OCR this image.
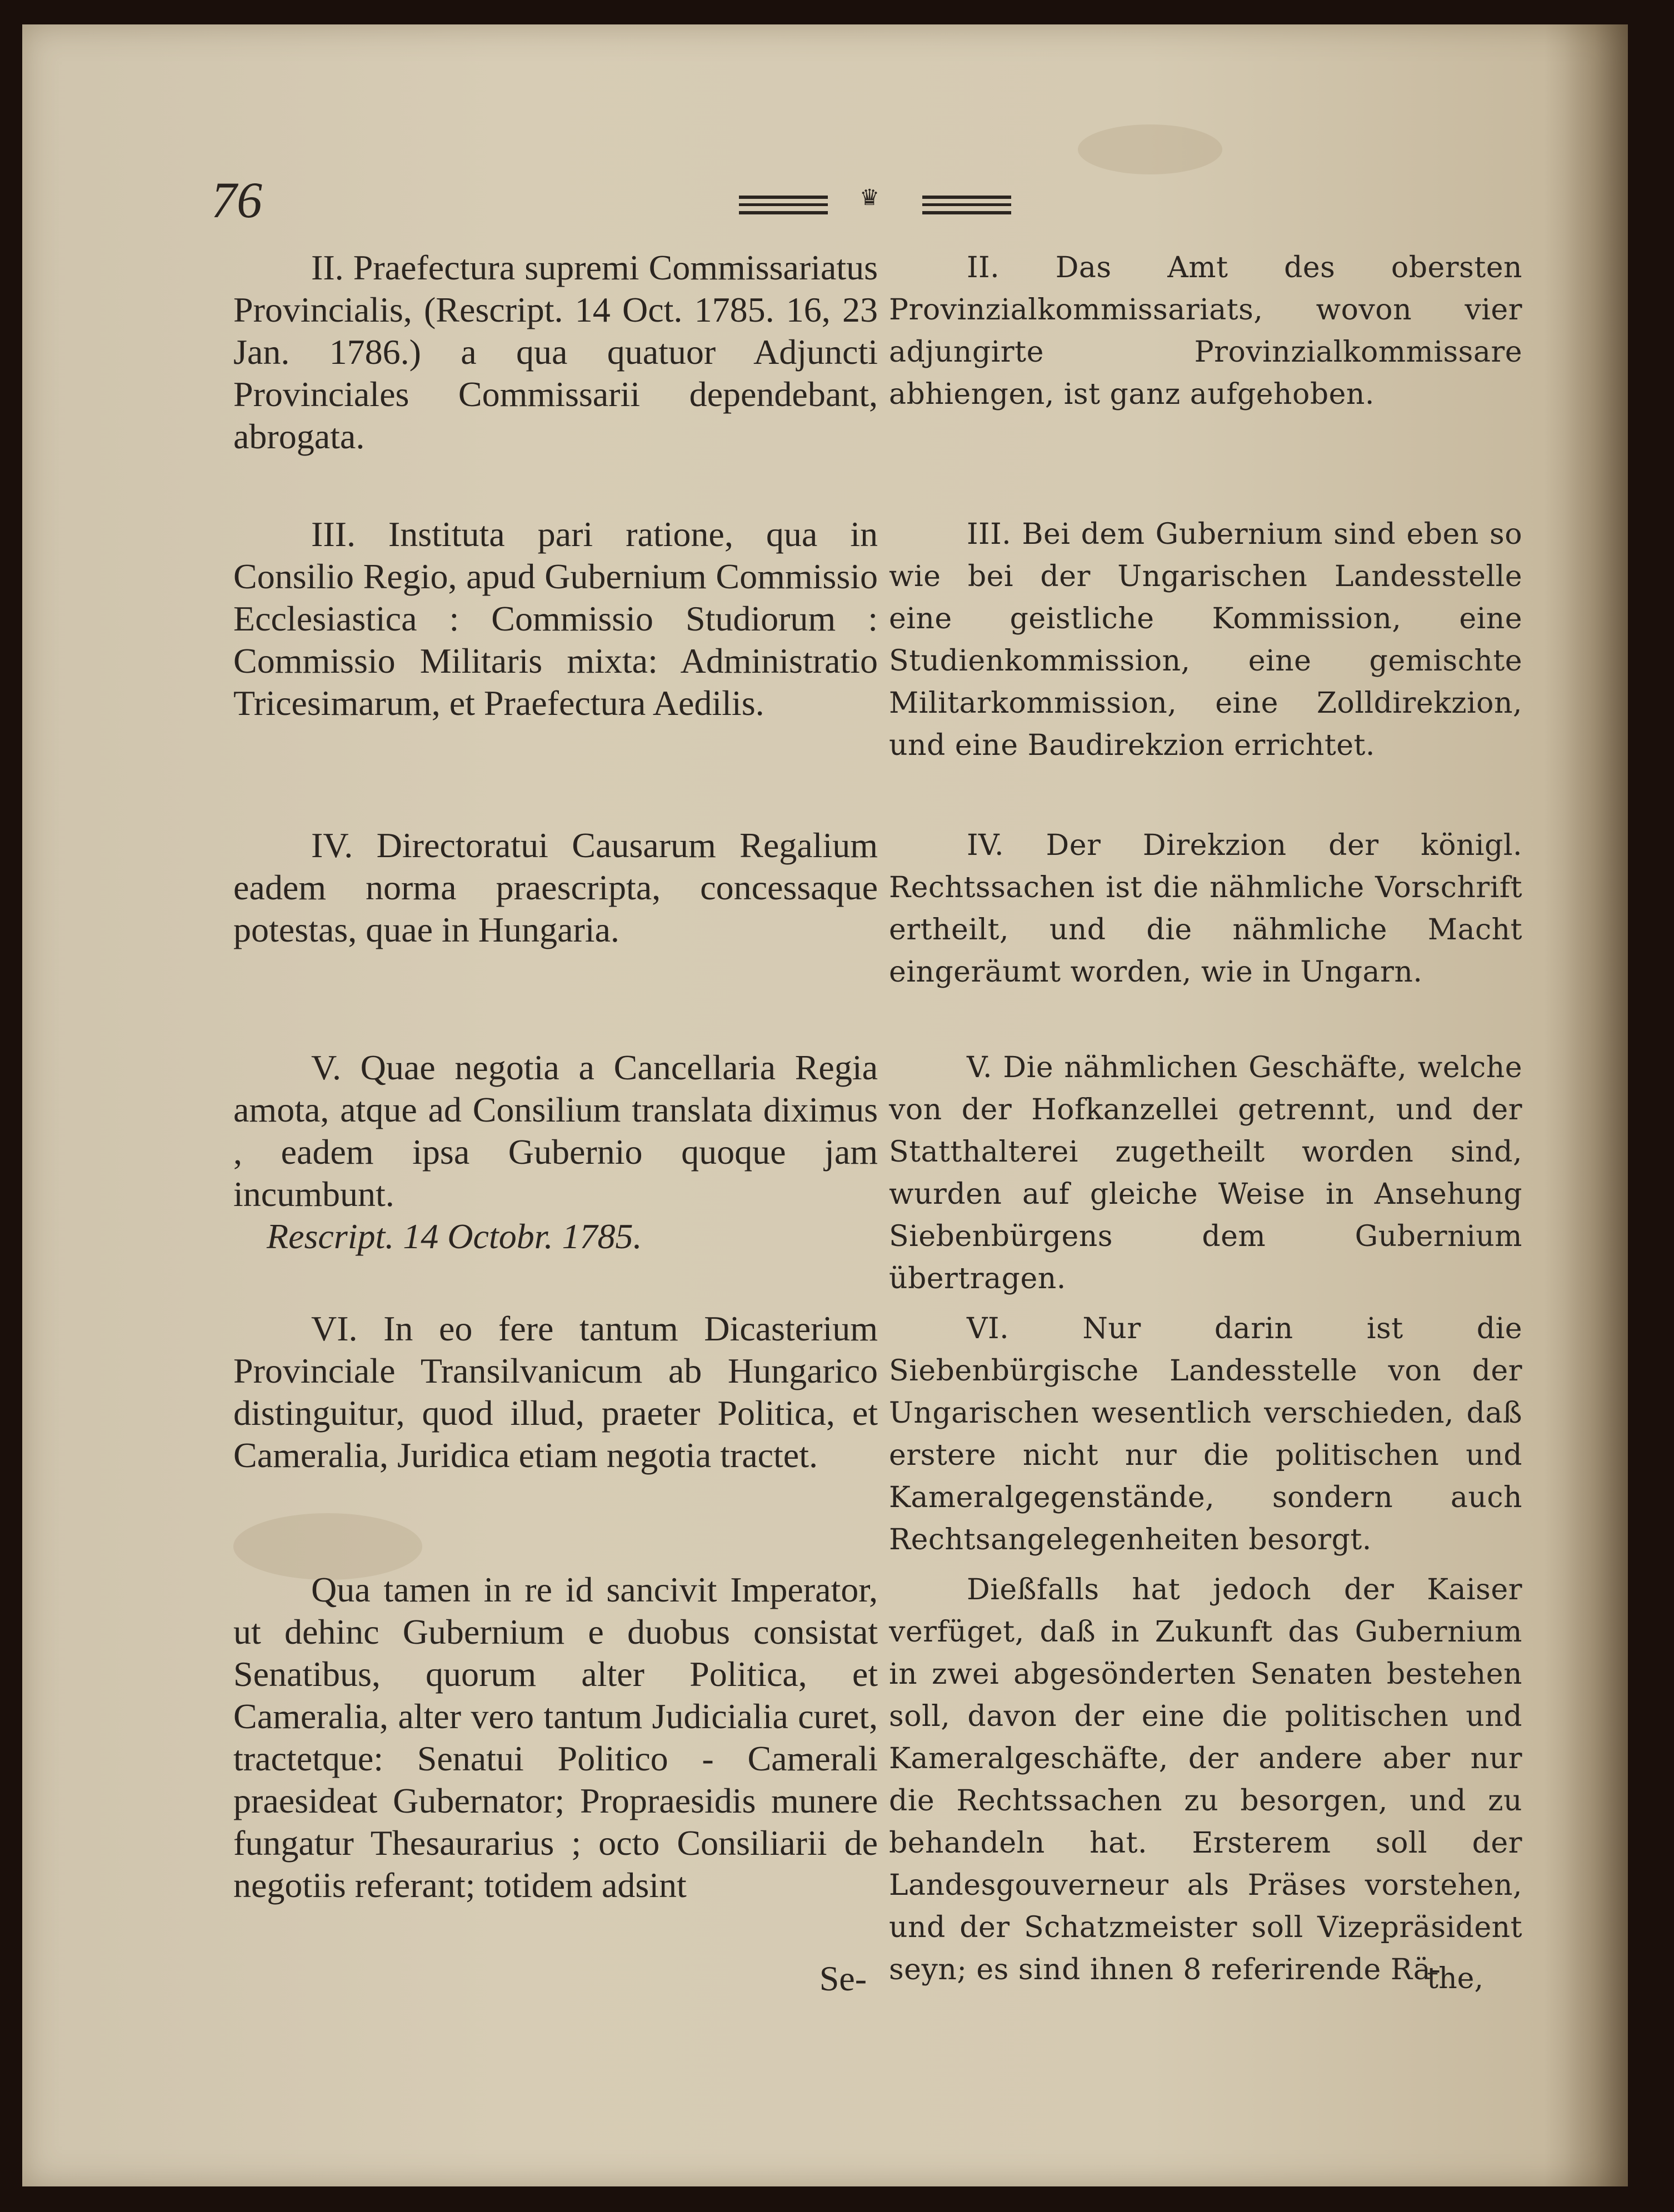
76	♛
II. Praefectura supremi Commissariatus Provincialis, (Rescript. 14 Oct. 1785. 16, 23 Jan. 1786.) a qua quatuor Adjuncti Provinciales Commissarii dependebant, abrogata.
III. Instituta pari ratione, qua in Consilio Regio, apud Gubernium Commissio Ecclesiastica : Commissio Studiorum : Commissio Militaris mixta: Administratio Tricesimarum, et Praefectura Aedilis.
IV. Directoratui Causarum Regalium eadem norma praescripta, concessaque potestas, quae in Hungaria.
V. Quae negotia a Cancellaria Regia amota, atque ad Consilium translata diximus , eadem ipsa Gubernio quoque jam incumbunt.
Rescript. 14 Octobr. 1785.
VI. In eo fere tantum Dicasterium Provinciale Transilvanicum ab Hungarico distinguitur, quod illud, praeter Politica, et Cameralia, Juridica etiam negotia tractet.
Qua tamen in re id sancivit Imperator, ut dehinc Gubernium e duobus consistat Senatibus, quorum alter Politica, et Cameralia, alter vero tantum Judicialia curet, tractetque: Senatui Politico - Camerali praesideat Gubernator; Propraesidis munere fungatur Thesaurarius ; octo Consiliarii de negotiis referant; totidem adsint
Se-
II. Das Amt des obersten Provinzialkommissariats, wovon vier adjungirte Provinzialkommissare abhiengen, ist ganz aufgehoben.
III. Bei dem Gubernium sind eben so wie bei der Ungarischen Landesstelle eine geistliche Kommission, eine Studienkommission, eine gemischte Militarkommission, eine Zolldirekzion, und eine Baudirekzion errichtet.
IV. Der Direkzion der königl. Rechtssachen ist die nähmliche Vorschrift ertheilt, und die nähmliche Macht eingeräumt worden, wie in Ungarn.
V. Die nähmlichen Geschäfte, welche von der Hofkanzellei getrennt, und der Statthalterei zugetheilt worden sind, wurden auf gleiche Weise in Ansehung Siebenbürgens dem Gubernium übertragen.
VI. Nur darin ist die Siebenbürgische Landesstelle von der Ungarischen wesentlich verschieden, daß erstere nicht nur die politischen und Kameralgegenstände, sondern auch Rechtsangelegenheiten besorgt.
Dießfalls hat jedoch der Kaiser verfüget, daß in Zukunft das Gubernium in zwei abgesönderten Senaten bestehen soll, davon der eine die politischen und Kameralgeschäfte, der andere aber nur die Rechtssachen zu besorgen, und zu behandeln hat. Ersterem soll der Landesgouverneur als Präses vorstehen, und der Schatzmeister soll Vizepräsident seyn; es sind ihnen 8 referirende Rä-
the,
